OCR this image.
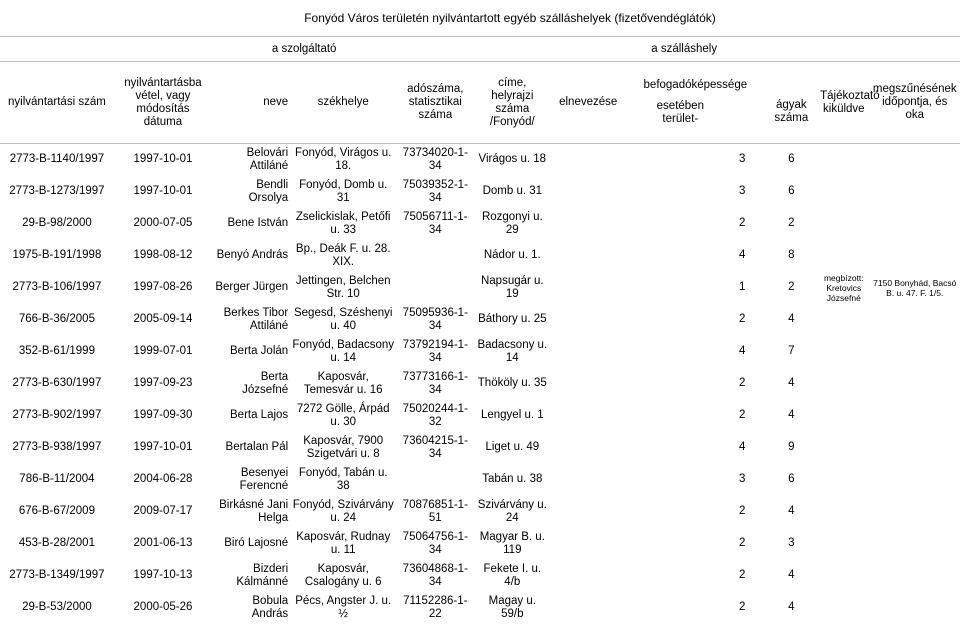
Fonyód Város területén nyilvántartott egyéb szálláshelyek (fizetővendéglátók)
		a szolgáltató				a szálláshely					
nyilvántartási szám	nyilvántartásba vétel, vagy módosítás dátuma	neve	székhelye	adószáma, statisztikai száma	címe, helyrajzi száma /Fonyód/	elnevezése	befogadóképessége
esetében terület-		ágyak száma	Tájékoztató kiküldve	megszűnésének időpontja, és oka
2773-B-1140/1997	1997-10-01	Belovári Attiláné	Fonyód, Virágos u. 18.	73734020-1-34	Virágos u. 18			3	6		
2773-B-1273/1997	1997-10-01	Bendli Orsolya	Fonyód, Domb u. 31	75039352-1-34	Domb u. 31			3	6		
29-B-98/2000	2000-07-05	Bene István	Zselickislak, Petőfi u. 33	75056711-1-34	Rozgonyi u. 29			2	2		
1975-B-191/1998	1998-08-12	Benyó András	Bp., Deák F. u. 28. XIX.		Nádor u. 1.			4	8		
2773-B-106/1997	1997-08-26	Berger Jürgen	Jettingen, Belchen Str. 10		Napsugár u. 19			1	2	megbízott: Kretovics Józsefné	7150 Bonyhád, Bacsó B. u. 47. F. 1/5.
766-B-36/2005	2005-09-14	Berkes Tibor Attiláné	Segesd, Széshenyi u. 40	75095936-1-34	Báthory u. 25			2	4		
352-B-61/1999	1999-07-01	Berta Jolán	Fonyód, Badacsony u. 14	73792194-1-34	Badacsony u. 14			4	7		
2773-B-630/1997	1997-09-23	Berta Józsefné	Kaposvár, Temesvár u. 16	73773166-1-34	Thököly u. 35			2	4		
2773-B-902/1997	1997-09-30	Berta Lajos	7272 Gölle, Árpád u. 30	75020244-1-32	Lengyel u. 1			2	4		
2773-B-938/1997	1997-10-01	Bertalan Pál	Kaposvár, 7900 Szigetvári u. 8	73604215-1-34	Liget u. 49			4	9		
786-B-11/2004	2004-06-28	Besenyei Ferencné	Fonyód, Tabán u. 38		Tabán u. 38			3	6		
676-B-67/2009	2009-07-17	Birkásné Jani Helga	Fonyód, Szivárvány u. 24	70876851-1-51	Szivárvány u. 24			2	4		
453-B-28/2001	2001-06-13	Biró Lajosné	Kaposvár, Rudnay u. 11	75064756-1-34	Magyar B. u. 119			2	3		
2773-B-1349/1997	1997-10-13	Bizderi Kálmánné	Kaposvár, Csalogány u. 6	73604868-1-34	Fekete I. u. 4/b			2	4		
29-B-53/2000	2000-05-26	Bobula András	Pécs, Angster J. u. ½	71152286-1-22	Magay u. 59/b			2	4		
